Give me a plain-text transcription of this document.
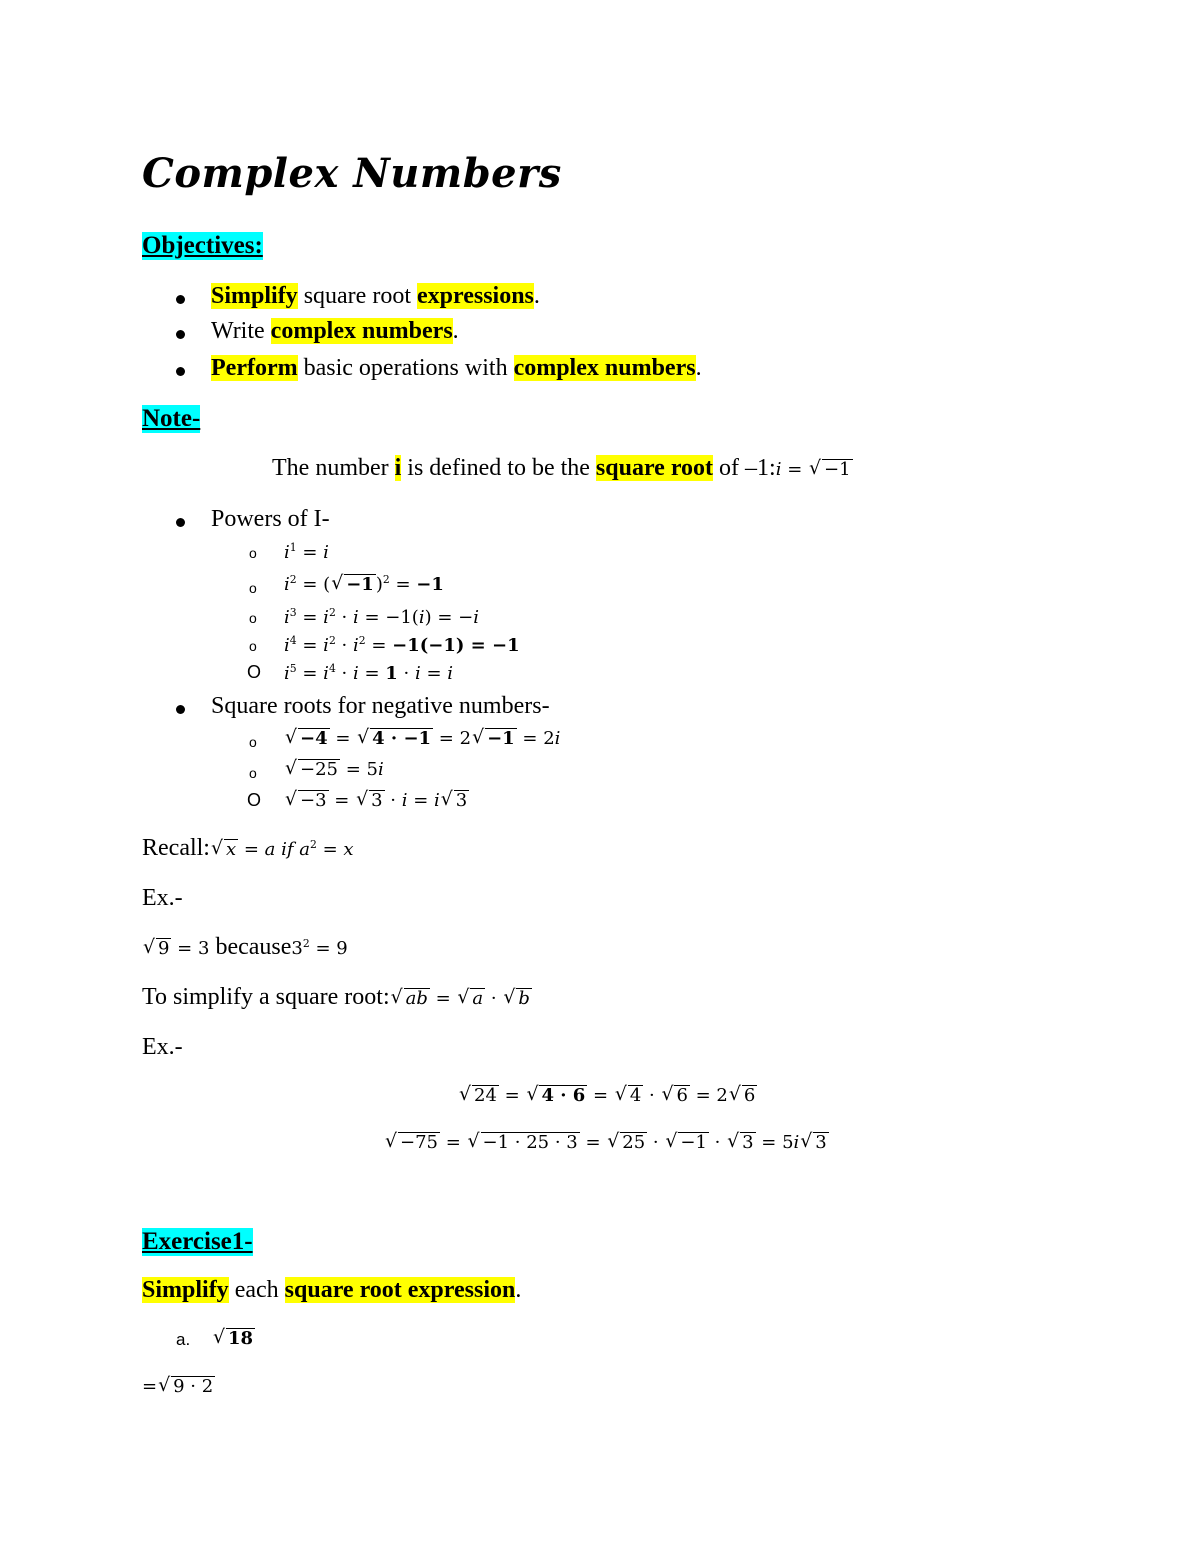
Complex Numbers
Objectives:
Simplify square root expressions.
Write complex numbers.
Perform basic operations with complex numbers.
Note-
The number i is defined to be the square root of –1:i = √ −1
Powers of I-
o $i^1 = i$
o $i^2$ = ( √ −1 )$^2$ = −1
o $i^3 = i^2 \cdot i = -1(i) = -i$
o $i^4 = i^2 \cdot i^2 = -1(-1) = -1$
O $i^5 = i^4 \cdot i = 1 \cdot i = i$
Square roots for negative numbers-
o	√ −4 = √ 4 · −1 = 2 √ −1 = 2i
o	√ −25 = 5i
O	√ −3 = √ 3 · i = i √ 3
Recall: √ x = a if $a^2 = x$
Ex.-
√ 9 = 3 $because3^2 = 9$
To simplify a square root: √ ab = √ a · √ b
Ex.-
√ 24 = √ 4 · 6 = √ 4 · √ 6 = 2 √ 6
√ −75 = √ −1 · 25 · 3 = √ 25 · √ −1 · √ 3 = 5i √ 3
Exercise1-
Simplify each square root expression.
a.	√ 18
= √ 9 · 2
